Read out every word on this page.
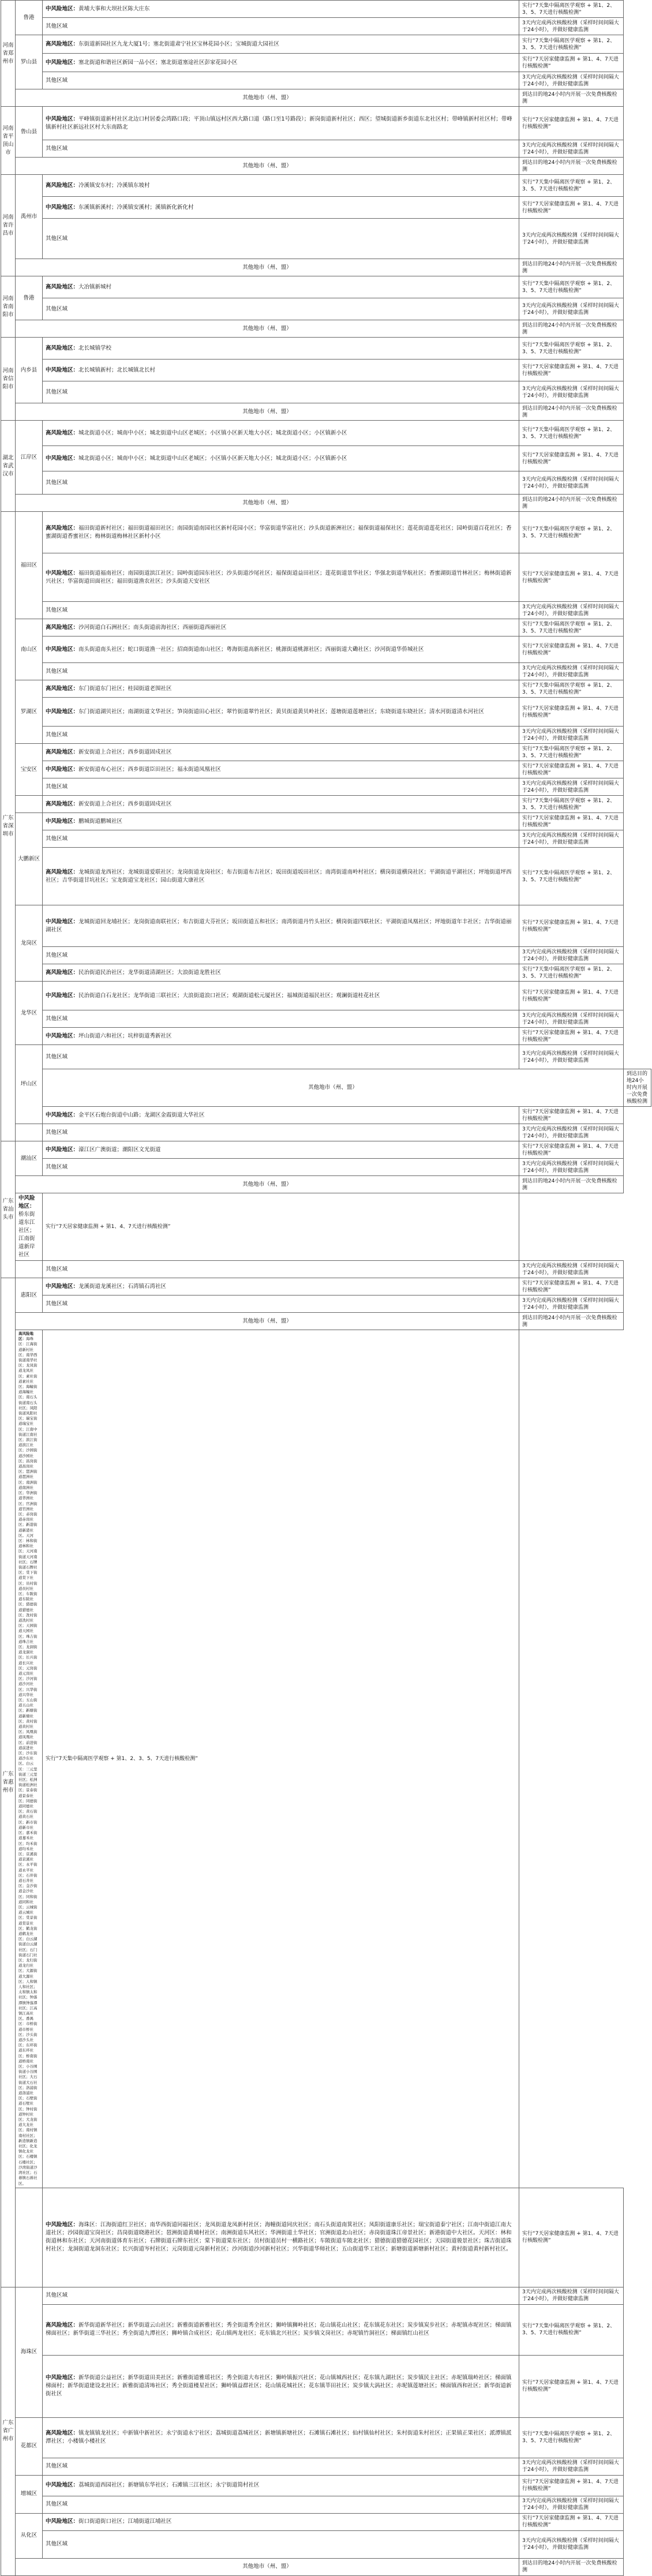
河南省郑州市	鲁港	中风险地区：黄埔大事和大坝社区陈大庄东	实行“7天集中隔离医学观察 + 第1、2、3、5、7天进行核酸检测”	
		其他区域	3天内完成两次核酸检测（采样时间间隔大于24小时），并做好健康监测	
	罗山县	高风险地区：东街道新园社区九龙大厦1号；塞北街道肃宁社区宝林花园小区；宝城街道大园社区	实行“7天集中隔离医学观察 + 第1、2、3、5、7天进行核酸检测”	
		中风险地区：塞北街道和谐社区新园一品小区；塞北街道塞途社区彭家花园小区	实行“7天居家健康监测 + 第1、4、7天进行核酸检测”	
		其他区域	3天内完成两次核酸检测（采样时间间隔大于24小时），并做好健康监测	
	其他地市（州、盟）		到达目的地24小时内开展一次免费核酸检测	
河南省平顶山市	鲁山县	中风险地区：平峰镇街道新村社区北边口村居委会湾路口段；平顶山镇远村区西大路口道（路口至1号路段）；新岗街道新村社区；西区；望城街道新乡街道东北社区村；带峰镇新村社区村；带峰镇新村社区新远社区村大东南路北	实行“7天居家健康监测 + 第1、4、7天进行核酸检测”	
		其他区域	3天内完成两次核酸检测（采样时间间隔大于24小时），并做好健康监测	
	其他地市（州、盟）		到达目的地24小时内开展一次免费核酸检测	
河南省许昌市	禹州市	高风险地区：冷溪镇安东村；冷溪镇东坡村	实行“7天集中隔离医学观察 + 第1、2、3、5、7天进行核酸检测”	
		中风险地区：东溪镇新溪村；冷溪镇安溪村；溪镇新化新化村	实行“7天居家健康监测 + 第1、4、7天进行核酸检测”	
		其他区域	3天内完成两次核酸检测（采样时间间隔大于24小时），并做好健康监测	
	其他地市（州、盟）		到达目的地24小时内开展一次免费核酸检测	
河南省南阳市	鲁港	高风险地区：大冶镇新城村	实行“7天集中隔离医学观察 + 第1、2、3、5、7天进行核酸检测”	
		其他区域	3天内完成两次核酸检测（采样时间间隔大于24小时），并做好健康监测	
	其他地市（州、盟）		到达目的地24小时内开展一次免费核酸检测	
河南省信阳市	内乡县	高风险地区：北长城镇学校	实行“7天集中隔离医学观察 + 第1、2、3、5、7天进行核酸检测”	
		中风险地区：北长城镇新村；北长城镇北长村	实行“7天居家健康监测 + 第1、4、7天进行核酸检测”	
		其他区域	3天内完成两次核酸检测（采样时间间隔大于24小时），并做好健康监测	
	其他地市（州、盟）		到达目的地24小时内开展一次免费核酸检测	
湖北省武汉市	江岸区	高风险地区：城北街道小区；城南中小区；城北街道中山区老城区；小区镇小区新天地大小区；城北街道小区；小区镇新小区	实行“7天集中隔离医学观察 + 第1、2、3、5、7天进行核酸检测”	
		中风险地区：城北街道小区；城南中小区；城北街道中山区老城区；小区镇小区新天地大小区；城北街道小区；小区镇新小区	实行“7天居家健康监测 + 第1、4、7天进行核酸检测”	
		其他区域	3天内完成两次核酸检测（采样时间间隔大于24小时），并做好健康监测	
	其他地市（州、盟）		到达目的地24小时内开展一次免费核酸检测	
广东省深圳市	福田区	高风险地区：福田街道新村社区；福田街道福田社区；南园街道南园社区新村花园小区；华富街道华富社区；沙头街道新洲社区；福保街道福保社区；莲花街道莲花社区；园岭街道百花社区；香蜜湖街道香蜜社区；梅林街道梅林社区新村小区	实行“7天集中隔离医学观察 + 第1、2、3、5、7天进行核酸检测”	
		中风险地区：福田街道福南社区；南园街道滨江社区；园岭街道园东社区；沙头街道沙尾社区；福保街道益田社区；莲花街道景华社区；华强北街道华航社区；香蜜湖街道竹林社区；梅林街道新兴社区；华富街道田面社区；福田街道渔农社区；沙头街道天安社区	实行“7天居家健康监测 + 第1、4、7天进行核酸检测”	
		其他区域	3天内完成两次核酸检测（采样时间间隔大于24小时），并做好健康监测	
	南山区	高风险地区：沙河街道白石洲社区；南头街道前海社区；西丽街道西丽社区	实行“7天集中隔离医学观察 + 第1、2、3、5、7天进行核酸检测”	
		中风险地区：南头街道南头社区；蛇口街道渔一社区；招商街道南山社区；粤海街道高新社区；桃源街道桃源社区；西丽街道大磡社区；沙河街道华侨城社区	实行“7天居家健康监测 + 第1、4、7天进行核酸检测”	
		其他区域	3天内完成两次核酸检测（采样时间间隔大于24小时），并做好健康监测	
	罗湖区	高风险地区：东门街道东门社区；桂园街道老围社区	实行“7天集中隔离医学观察 + 第1、2、3、5、7天进行核酸检测”	
		中风险地区：东门街道湖贝社区；南湖街道文华社区；笋岗街道田心社区；翠竹街道翠竹社区；黄贝街道黄贝岭社区；莲塘街道莲塘社区；东晓街道东晓社区；清水河街道清水河社区	实行“7天居家健康监测 + 第1、4、7天进行核酸检测”	
		其他区域	3天内完成两次核酸检测（采样时间间隔大于24小时），并做好健康监测	
	宝安区	高风险地区：新安街道上合社区；西乡街道固戍社区	实行“7天集中隔离医学观察 + 第1、2、3、5、7天进行核酸检测”	
		中风险地区：新安街道布心社区；西乡街道臣田社区；福永街道凤凰社区	实行“7天居家健康监测 + 第1、4、7天进行核酸检测”	
		其他区域	3天内完成两次核酸检测（采样时间间隔大于24小时），并做好健康监测	
		高风险地区：新安街道上合社区；西乡街道固戍社区	实行“7天集中隔离医学观察 + 第1、2、3、5、7天进行核酸检测”	
	大鹏新区	中风险地区：鹏城街道鹏城社区	实行“7天居家健康监测 + 第1、4、7天进行核酸检测”	
		其他区域	3天内完成两次核酸检测（采样时间间隔大于24小时），并做好健康监测	
		高风险地区：龙城街道龙西社区；龙城街道爱联社区；龙岗街道龙岗社区；布吉街道布吉社区；坂田街道坂田社区；南湾街道南岭村社区；横岗街道横岗社区；平湖街道平湖社区；坪地街道坪西社区；吉华街道甘坑社区；宝龙街道宝龙社区；园山街道大康社区	实行“7天集中隔离医学观察 + 第1、2、3、5、7天进行核酸检测”	
	龙岗区	中风险地区：龙城街道回龙埔社区；龙岗街道南联社区；布吉街道大芬社区；坂田街道五和社区；南湾街道丹竹头社区；横岗街道四联社区；平湖街道凤凰社区；坪地街道年丰社区；吉华街道丽湖社区	实行“7天居家健康监测 + 第1、4、7天进行核酸检测”	
		其他区域	3天内完成两次核酸检测（采样时间间隔大于24小时），并做好健康监测	
		高风险地区：民治街道民治社区；龙华街道清湖社区；大浪街道龙胜社区	实行“7天集中隔离医学观察 + 第1、2、3、5、7天进行核酸检测”	
	龙华区	中风险地区：民治街道白石龙社区；龙华街道三联社区；大浪街道浪口社区；观湖街道松元厦社区；福城街道福民社区；观澜街道桂花社区	实行“7天居家健康监测 + 第1、4、7天进行核酸检测”	
		其他区域	3天内完成两次核酸检测（采样时间间隔大于24小时），并做好健康监测	
		中风险地区：坪山街道六和社区；坑梓街道秀新社区	实行“7天居家健康监测 + 第1、4、7天进行核酸检测”	
	坪山区	其他区域	3天内完成两次核酸检测（采样时间间隔大于24小时），并做好健康监测	
		其他地市（州、盟）		到达目的地24小时内开展一次免费核酸检测
		中风险地区：金平区石炮台街道中山路；龙湖区金霞街道大华社区	实行“7天居家健康监测 + 第1、4、7天进行核酸检测”	
		其他区域	3天内完成两次核酸检测（采样时间间隔大于24小时），并做好健康监测	
广东省汕头市	潮汕区	中风险地区：濠江区广澳街道；潮阳区文光街道	实行“7天居家健康监测 + 第1、4、7天进行核酸检测”	
		其他区域	3天内完成两次核酸检测（采样时间间隔大于24小时），并做好健康监测	
	其他地市（州、盟）		到达目的地24小时内开展一次免费核酸检测	
	中风险地区：桥东街道东江社区；江南街道新岸社区	实行“7天居家健康监测 + 第1、4、7天进行核酸检测”		
		其他区域	3天内完成两次核酸检测（采样时间间隔大于24小时），并做好健康监测	
广东省惠州市	惠阳区	中风险地区：龙溪街道龙溪社区；石湾镇石湾社区	实行“7天居家健康监测 + 第1、4、7天进行核酸检测”	
		其他区域	3天内完成两次核酸检测（采样时间间隔大于24小时），并做好健康监测	
	其他地市（州、盟）		到达目的地24小时内开展一次免费核酸检测	
	高风险地区：海珠区：江海街道新村社区；南华西街道南华社区；龙凤街道龙凤社区；素社街道素社社区；海幢街道海幢社区；南石头街道南石头社区；凤阳街道凤阳社区；瑞宝街道瑞宝社区；江南中街道江南社区；滨江街道滨江社区；沙园街道沙园社区；昌岗街道昌岗社区；琶洲街道琶洲社区；南洲街道南洲社区；华洲街道华洲社区；官洲街道官洲社区；赤岗街道赤岗社区；新港街道新港社区。天河区：林和街道林和社区；天河南街道天河南社区；石牌街道石牌社区；棠下街道棠下社区；员村街道员村社区；车陂街道车陂社区；猎德街道猎德社区；冼村街道冼村社区；天园街道天园社区；珠吉街道珠吉社区；龙洞街道龙洞社区；长兴街道长兴社区；元岗街道元岗社区；沙河街道沙河社区；兴华街道兴华社区；五山街道五山社区；新塘街道新塘社区；黄村街道黄村社区；凤凰街道凤凰社区；前进街道前进社区；沙东街道沙东社区。白云区：三元里街道三元里社区；松洲街道松洲社区；景泰街道景泰社区；同德街道同德社区；黄石街道黄石社区；新市街道新市社区；嘉禾街道嘉禾社区；均禾街道均禾社区；京溪街道京溪社区；永平街道永平社区；石井街道石井社区；金沙街道金沙社区；同和街道同和社区；云城街道云城社区；棠景街道棠景社区；鹤龙街道鹤龙社区；白云湖街道白云湖社区；石门街道石门社区；龙归街道龙归社区；大源街道大源社区；人和镇人和社区；太和镇太和社区；钟落潭镇钟落潭社区；江高镇江高社区。番禺区：市桥街道市桥社区；沙头街道沙头社区；东环街道东环社区；桥南街道桥南社区；小谷围街道小谷围社区；大石街道大石社区；洛浦街道洛浦社区；石壁街道石壁社区；钟村街道钟村社区；大龙街道大龙社区；南村镇南村社区；新造镇新造社区；化龙镇化龙社区；石楼镇石楼社区；沙湾街道沙湾社区；石碁镇石碁社区。	实行“7天集中隔离医学观察 + 第1、2、3、5、7天进行核酸检测”		
		中风险地区：海珠区：江海街道红卫社区；南华西街道同福社区；龙凤街道龙凤新村社区；海幢街道同庆社区；南石头街道南箕社区；凤阳街道康乐社区；瑞宝街道泰宁社区；江南中街道江南大道社区；沙园街道宝岗社区；昌岗街道晓港社区；琶洲街道黄埔村社区；南洲街道东风社区；华洲街道土华社区；官洲街道北山社区；赤岗街道珠江帝景社区；新港街道中大社区。天河区：林和街道林和东社区；天河南街道体育东社区；石牌街道石牌东社区；棠下街道棠东社区；员村街道员村一横路社区；车陂街道车陂北社区；猎德街道猎德花园社区；天园街道骏景社区；珠吉街道珠村社区；龙洞街道龙洞东社区；长兴街道岑村社区；元岗街道元岗新村社区；沙河街道沙河新村社区；兴华街道华师社区；五山街道华工社区；新塘街道新塘新村社区；黄村街道黄村新村社区。	实行“7天居家健康监测 + 第1、4、7天进行核酸检测”	
广东省广州市	海珠区	其他区域	3天内完成两次核酸检测（采样时间间隔大于24小时），并做好健康监测	
		高风险地区：新华街道新华社区；新华街道云山社区；新雅街道新雅社区；秀全街道秀全社区；狮岭镇狮岭社区；花山镇花山社区；花东镇花东社区；炭步镇炭步社区；赤坭镇赤坭社区；梯面镇梯面社区；新华街道三华社区；秀全街道九潭社区；狮岭镇合成社区；花山镇两龙社区；花东镇北兴社区；炭步镇文岗社区；赤坭镇竹洞社区；梯面镇红山社区	实行“7天集中隔离医学观察 + 第1、2、3、5、7天进行核酸检测”	
		中风险地区：新华街道公益社区；新华街道田美社区；新雅街道雅瑶社区；秀全街道大布社区；狮岭镇振兴社区；花山镇城西社区；花东镇九湖社区；炭步镇民主社区；赤坭镇瑞岭社区；梯面镇梯面村；新华街道建设北社区；新雅街道清㘵社区；秀全街道楼星社区；狮岭镇益群社区；花山镇花城社区；花东镇莘田社区；炭步镇大涡社区；赤坭镇莲塘社区；梯面镇西和社区；新华街道新街社区	实行“7天居家健康监测 + 第1、4、7天进行核酸检测”	
	花都区	高风险地区：镇龙镇镇龙社区；中新镇中新社区；永宁街道永宁社区；荔城街道荔城社区；新塘镇新塘社区；石滩镇石滩社区；仙村镇仙村社区；朱村街道朱村社区；正果镇正果社区；派潭镇派潭社区；小楼镇小楼社区	实行“7天集中隔离医学观察 + 第1、2、3、5、7天进行核酸检测”	
		其他区域	3天内完成两次核酸检测（采样时间间隔大于24小时），并做好健康监测	
	增城区	中风险地区：荔城街道西园社区；新塘镇东华社区；石滩镇三江社区；永宁街道简村社区	实行“7天居家健康监测 + 第1、4、7天进行核酸检测”	
		其他区域	3天内完成两次核酸检测（采样时间间隔大于24小时），并做好健康监测	
	从化区	中风险地区：街口街道街口社区；江埔街道江埔社区	实行“7天居家健康监测 + 第1、4、7天进行核酸检测”	
		其他区域	3天内完成两次核酸检测（采样时间间隔大于24小时），并做好健康监测	
	其他地市（州、盟）		到达目的地24小时内开展一次免费核酸检测	
